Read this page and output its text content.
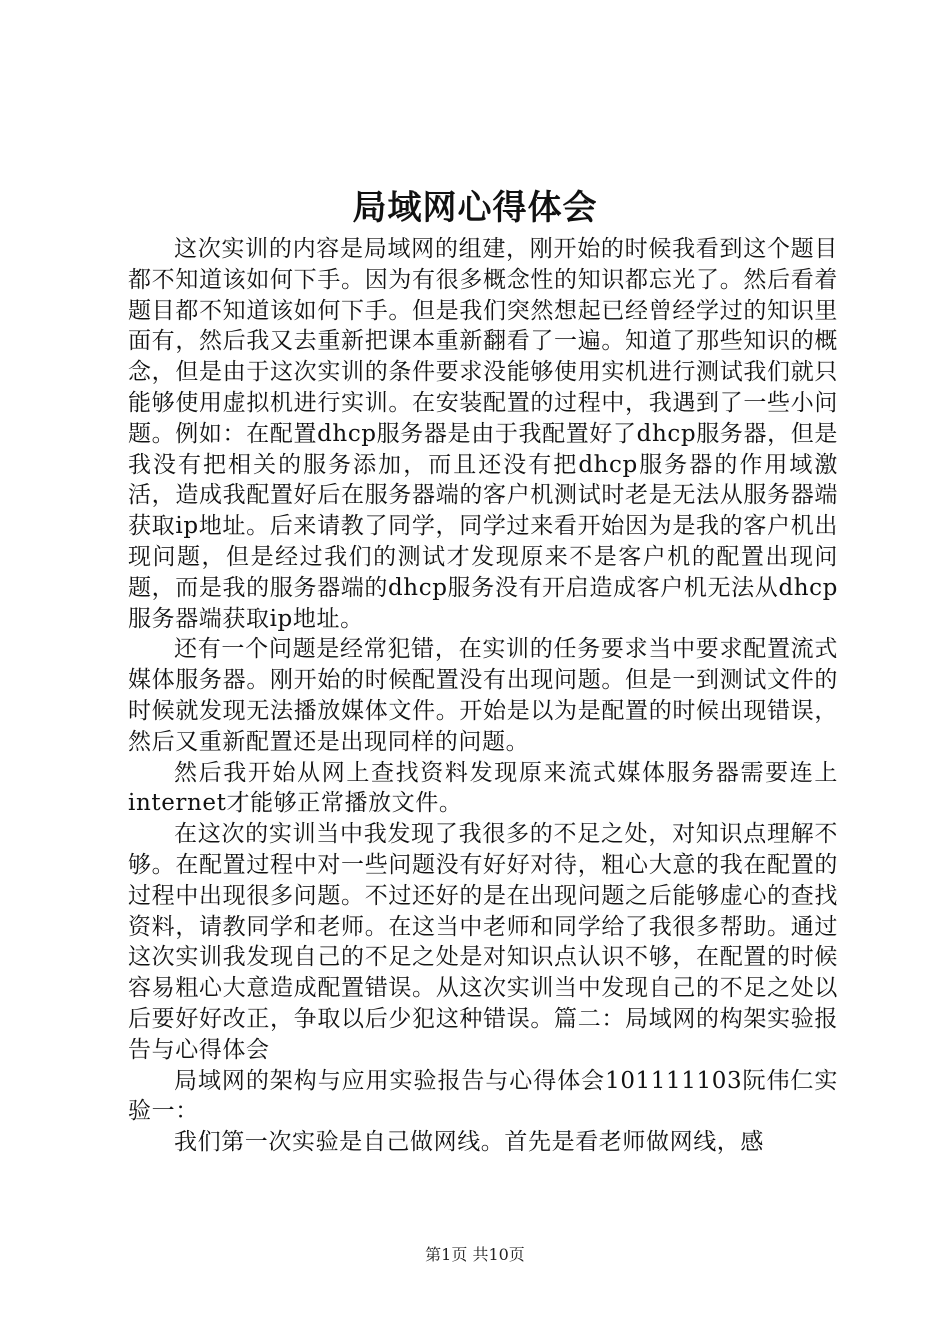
局域网心得体会

这次实训的内容是局域网的组建，刚开始的时候我看到这个题目都不知道该如何下手。因为有很多概念性的知识都忘光了。然后看着题目都不知道该如何下手。但是我们突然想起已经曾经学过的知识里面有，然后我又去重新把课本重新翻看了一遍。知道了那些知识的概念，但是由于这次实训的条件要求没能够使用实机进行测试我们就只能够使用虚拟机进行实训。在安装配置的过程中，我遇到了一些小问题。例如：在配置dhcp服务器是由于我配置好了dhcp服务器，但是我没有把相关的服务添加，而且还没有把dhcp服务器的作用域激活，造成我配置好后在服务器端的客户机测试时老是无法从服务器端获取ip地址。后来请教了同学，同学过来看开始因为是我的客户机出现问题，但是经过我们的测试才发现原来不是客户机的配置出现问题，而是我的服务器端的dhcp服务没有开启造成客户机无法从dhcp服务器端获取ip地址。

还有一个问题是经常犯错，在实训的任务要求当中要求配置流式媒体服务器。刚开始的时候配置没有出现问题。但是一到测试文件的时候就发现无法播放媒体文件。开始是以为是配置的时候出现错误，然后又重新配置还是出现同样的问题。

然后我开始从网上查找资料发现原来流式媒体服务器需要连上internet才能够正常播放文件。

在这次的实训当中我发现了我很多的不足之处，对知识点理解不够。在配置过程中对一些问题没有好好对待，粗心大意的我在配置的过程中出现很多问题。不过还好的是在出现问题之后能够虚心的查找资料，请教同学和老师。在这当中老师和同学给了我很多帮助。通过这次实训我发现自己的不足之处是对知识点认识不够，在配置的时候容易粗心大意造成配置错误。从这次实训当中发现自己的不足之处以后要好好改正，争取以后少犯这种错误。篇二：局域网的构架实验报告与心得体会

局域网的架构与应用实验报告与心得体会101111103阮伟仁实验一：

我们第一次实验是自己做网线。首先是看老师做网线，感

第1页 共10页
